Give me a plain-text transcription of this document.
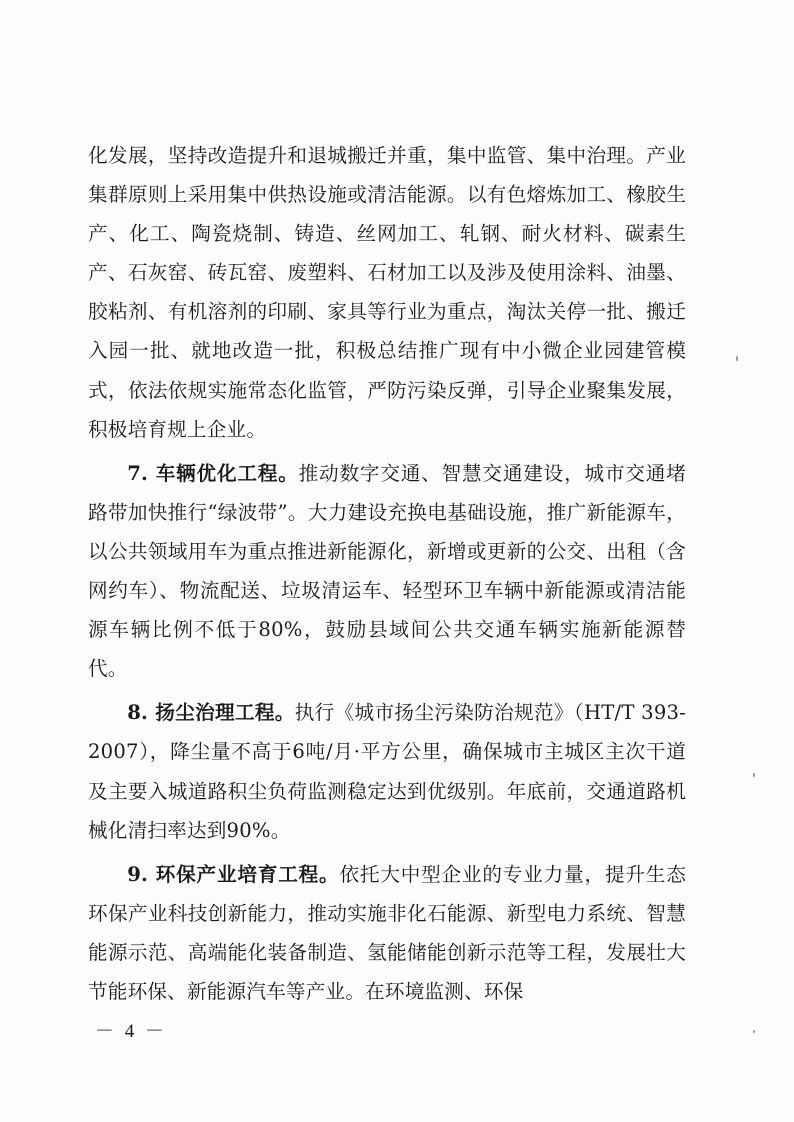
化发展，坚持改造提升和退城搬迁并重，集中监管、集中治理。产业集群原则上采用集中供热设施或清洁能源。以有色熔炼加工、橡胶生产、化工、陶瓷烧制、铸造、丝网加工、轧钢、耐火材料、碳素生产、石灰窑、砖瓦窑、废塑料、石材加工以及涉及使用涂料、油墨、胶粘剂、有机溶剂的印刷、家具等行业为重点，淘汰关停一批、搬迁入园一批、就地改造一批，积极总结推广现有中小微企业园建管模式，依法依规实施常态化监管，严防污染反弹，引导企业聚集发展，积极培育规上企业。

7. 车辆优化工程。推动数字交通、智慧交通建设，城市交通堵路带加快推行“绿波带”。大力建设充换电基础设施，推广新能源车，以公共领域用车为重点推进新能源化，新增或更新的公交、出租（含网约车）、物流配送、垃圾清运车、轻型环卫车辆中新能源或清洁能源车辆比例不低于80%，鼓励县域间公共交通车辆实施新能源替代。

8. 扬尘治理工程。执行《城市扬尘污染防治规范》（HT/T 393-2007），降尘量不高于6吨/月·平方公里，确保城市主城区主次干道及主要入城道路积尘负荷监测稳定达到优级别。年底前，交通道路机械化清扫率达到90%。

9. 环保产业培育工程。依托大中型企业的专业力量，提升生态环保产业科技创新能力，推动实施非化石能源、新型电力系统、智慧能源示范、高端能化装备制造、氢能储能创新示范等工程，发展壮大节能环保、新能源汽车等产业。在环境监测、环保

－ 4 －
